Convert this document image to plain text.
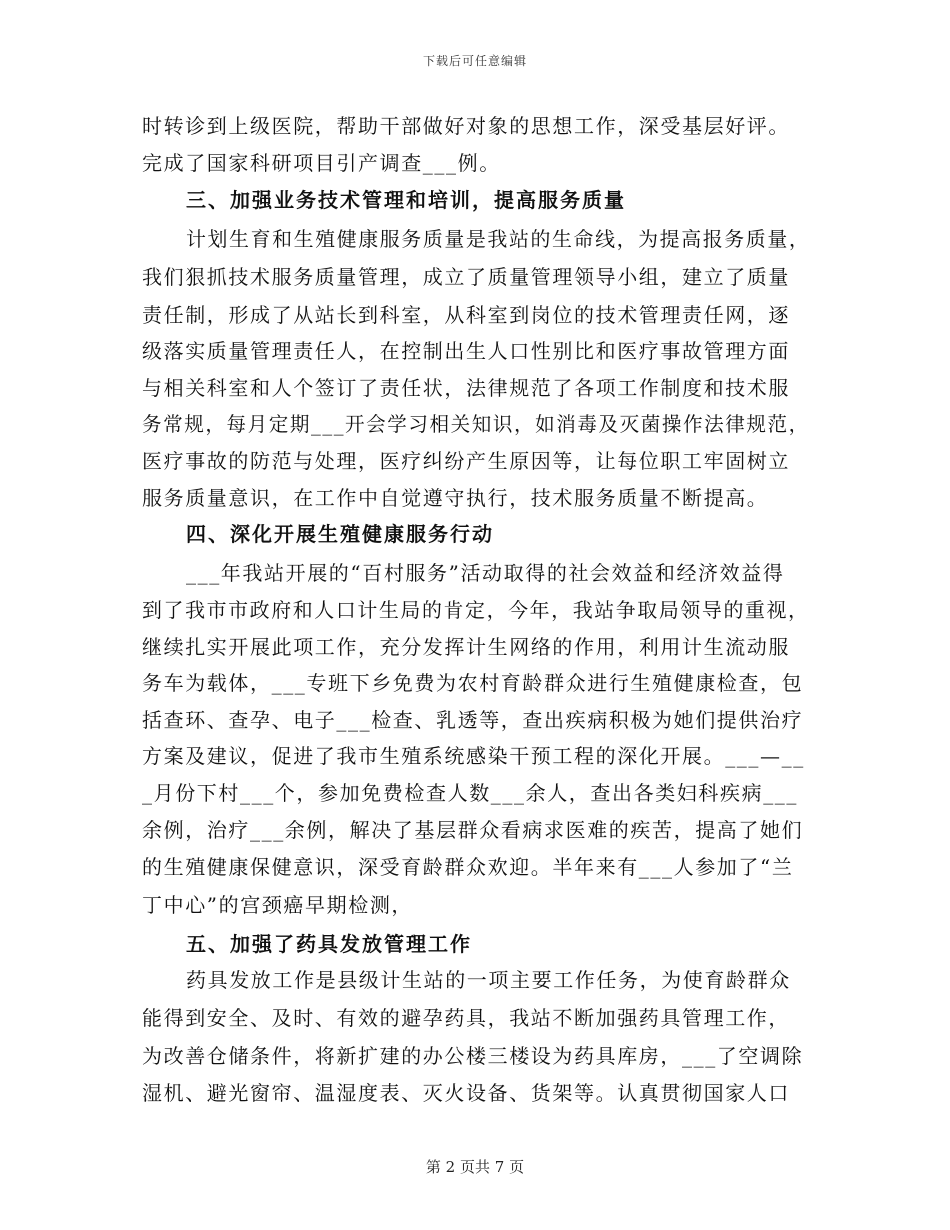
下载后可任意编辑
时转诊到上级医院，帮助干部做好对象的思想工作，深受基层好评。
完成了国家科研项目引产调查___例。
三、加强业务技术管理和培训，提高服务质量
计划生育和生殖健康服务质量是我站的生命线，为提高报务质量，
我们狠抓技术服务质量管理，成立了质量管理领导小组，建立了质量
责任制，形成了从站长到科室，从科室到岗位的技术管理责任网，逐
级落实质量管理责任人，在控制出生人口性别比和医疗事故管理方面
与相关科室和人个签订了责任状，法律规范了各项工作制度和技术服
务常规，每月定期___开会学习相关知识，如消毒及灭菌操作法律规范，
医疗事故的防范与处理，医疗纠纷产生原因等，让每位职工牢固树立
服务质量意识，在工作中自觉遵守执行，技术服务质量不断提高。
四、深化开展生殖健康服务行动
___年我站开展的“百村服务”活动取得的社会效益和经济效益得
到了我市市政府和人口计生局的肯定，今年，我站争取局领导的重视，
继续扎实开展此项工作，充分发挥计生网络的作用，利用计生流动服
务车为载体，___专班下乡免费为农村育龄群众进行生殖健康检查，包
括查环、查孕、电子___检查、乳透等，查出疾病积极为她们提供治疗
方案及建议，促进了我市生殖系统感染干预工程的深化开展。___—__
_月份下村___个，参加免费检查人数___余人，查出各类妇科疾病___
余例，治疗___余例，解决了基层群众看病求医难的疾苦，提高了她们
的生殖健康保健意识，深受育龄群众欢迎。半年来有___人参加了“兰
丁中心”的宫颈癌早期检测，
五、加强了药具发放管理工作
药具发放工作是县级计生站的一项主要工作任务，为使育龄群众
能得到安全、及时、有效的避孕药具，我站不断加强药具管理工作，
为改善仓储条件，将新扩建的办公楼三楼设为药具库房，___了空调除
湿机、避光窗帘、温湿度表、灭火设备、货架等。认真贯彻国家人口
第 2 页共 7 页
